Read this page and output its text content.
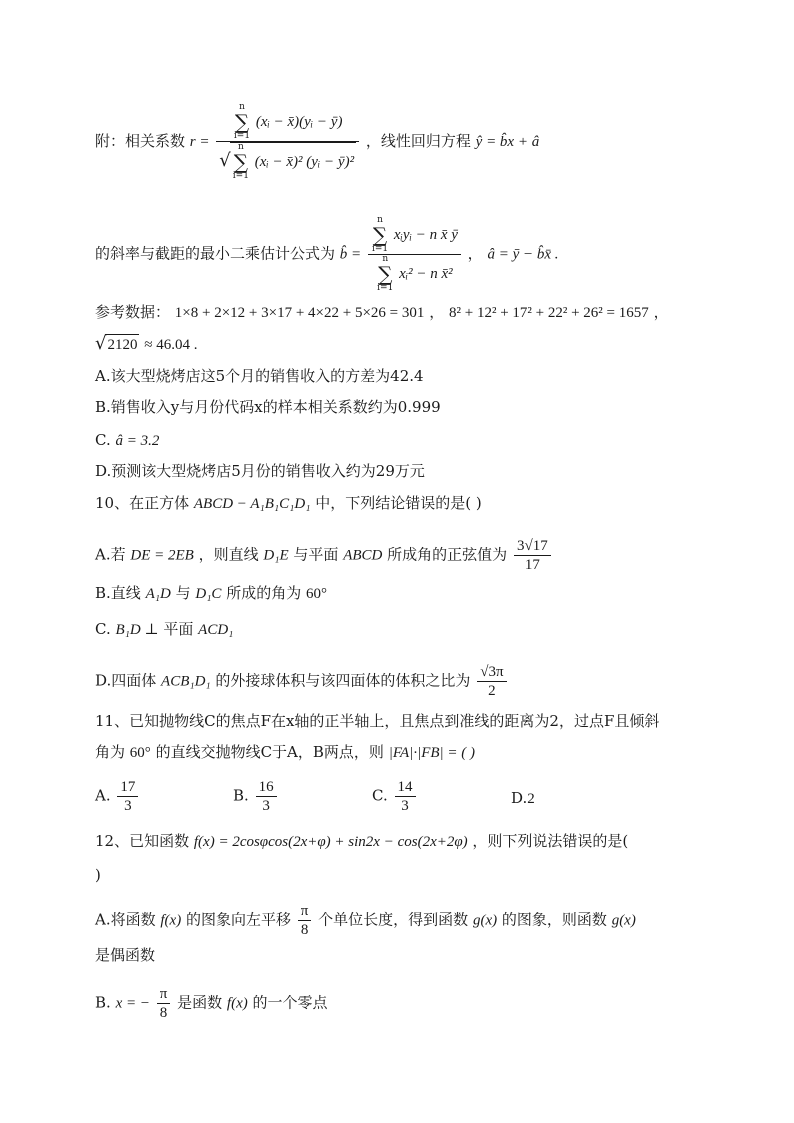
附：相关系数 r =
n
∑
i=1 (xᵢ − x̄)(yᵢ − ȳ)
√n
∑
i=1 (xᵢ − x̄)² (yᵢ − ȳ)²
，线性回归方程 ŷ = b̂x + â
的斜率与截距的最小二乘估计公式为 b̂ = n
∑
i=1 xᵢyᵢ − n x̄ ȳ
n
∑
i=1 xᵢ² − n x̄² ， â = ȳ − b̂x̄ .
参考数据： 1×8 + 2×12 + 3×17 + 4×22 + 5×26 = 301 ， 8² + 12² + 17² + 22² + 26² = 1657 ，
√2120 ≈ 46.04 .
A.该大型烧烤店这5个月的销售收入的方差为42.4
B.销售收入y与月份代码x的样本相关系数约为0.999
C. â = 3.2
D.预测该大型烧烤店5月份的销售收入约为29万元
10、在正方体 ABCD − A₁B₁C₁D₁ 中，下列结论错误的是( )
A.若 DE = 2EB ，则直线 D₁E 与平面 ABCD 所成角的正弦值为 $\frac{3√17}{17}$
B.直线 A₁D 与 D₁C 所成的角为 60°
C. B₁D ⊥ 平面 ACD₁
D.四面体 ACB₁D₁ 的外接球体积与该四面体的体积之比为 $\frac{√3\pi}{2}$
11、已知抛物线C的焦点F在x轴的正半轴上，且焦点到准线的距离为2，过点F且倾斜
角为 60° 的直线交抛物线C于A，B两点，则 |FA|·|FB| = ( )
A. $\frac{17}{3}$	B. $\frac{16}{3}$	C. $\frac{14}{3}$	D.2
12、已知函数 f(x) = 2cosφcos(2x+φ) + sin2x − cos(2x+2φ) ，则下列说法错误的是(
)
A.将函数 f(x) 的图象向左平移 $\frac{\pi}{8}$ 个单位长度，得到函数 g(x) 的图象，则函数 g(x)
是偶函数
B. x = − $\frac{\pi}{8}$ 是函数 f(x) 的一个零点
